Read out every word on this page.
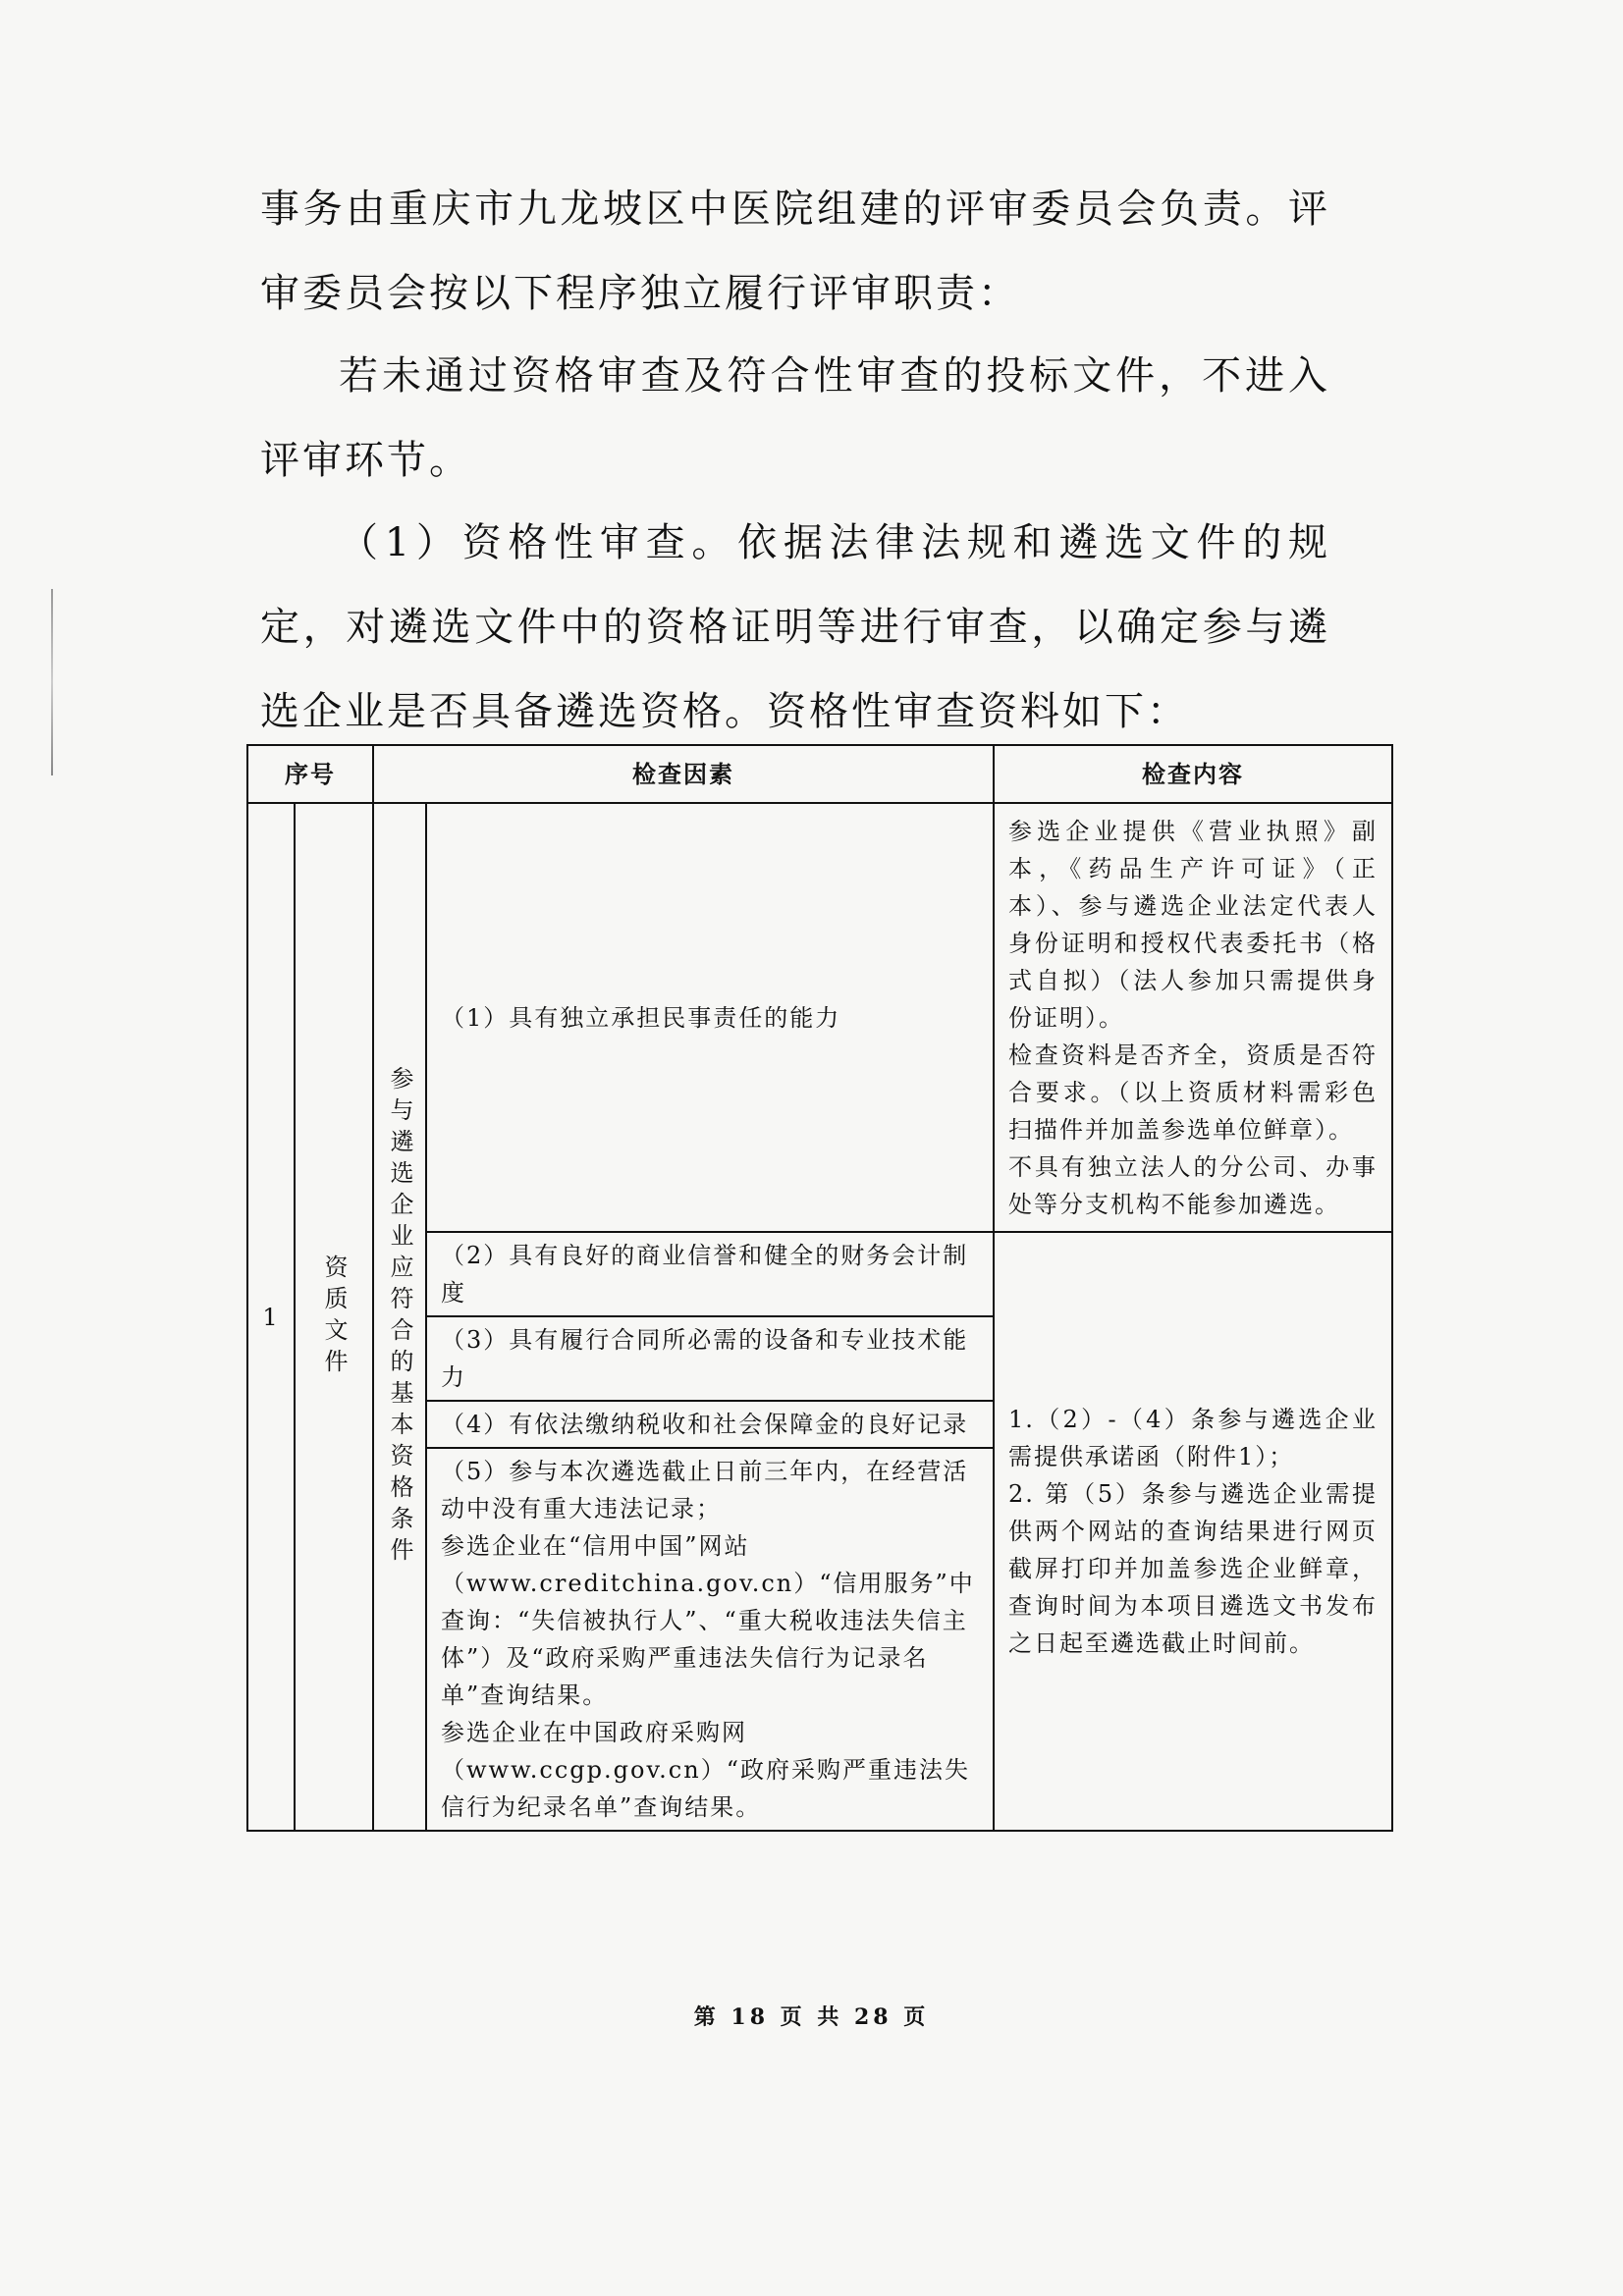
事务由重庆市九龙坡区中医院组建的评审委员会负责。评审委员会按以下程序独立履行评审职责：

若未通过资格审查及符合性审查的投标文件，不进入评审环节。

（1）资格性审查。依据法律法规和遴选文件的规定，对遴选文件中的资格证明等进行审查，以确定参与遴选企业是否具备遴选资格。资格性审查资料如下：

序号		检查因素		检查内容
1	资质文件	参与遴选企业应符合的基本资格条件	（1）具有独立承担民事责任的能力	参选企业提供《营业执照》副本，《药品生产许可证》（正本）、参与遴选企业法定代表人身份证明和授权代表委托书（格式自拟）（法人参加只需提供身份证明）。
检查资料是否齐全，资质是否符合要求。（以上资质材料需彩色扫描件并加盖参选单位鲜章）。
不具有独立法人的分公司、办事处等分支机构不能参加遴选。

			（2）具有良好的商业信誉和健全的财务会计制度	1.（2）-（4）条参与遴选企业需提供承诺函（附件1）；
2. 第（5）条参与遴选企业需提供两个网站的查询结果进行网页截屏打印并加盖参选企业鲜章，查询时间为本项目遴选文书发布之日起至遴选截止时间前。

			（3）具有履行合同所必需的设备和专业技术能力	

			（4）有依法缴纳税收和社会保障金的良好记录	

			（5）参与本次遴选截止日前三年内，在经营活动中没有重大违法记录；
参选企业在“信用中国”网站（www.creditchina.gov.cn）“信用服务”中查询：“失信被执行人”、“重大税收违法失信主体”）及“政府采购严重违法失信行为记录名单”查询结果。
参选企业在中国政府采购网（www.ccgp.gov.cn）“政府采购严重违法失信行为纪录名单”查询结果。	
第 18 页 共 28 页
